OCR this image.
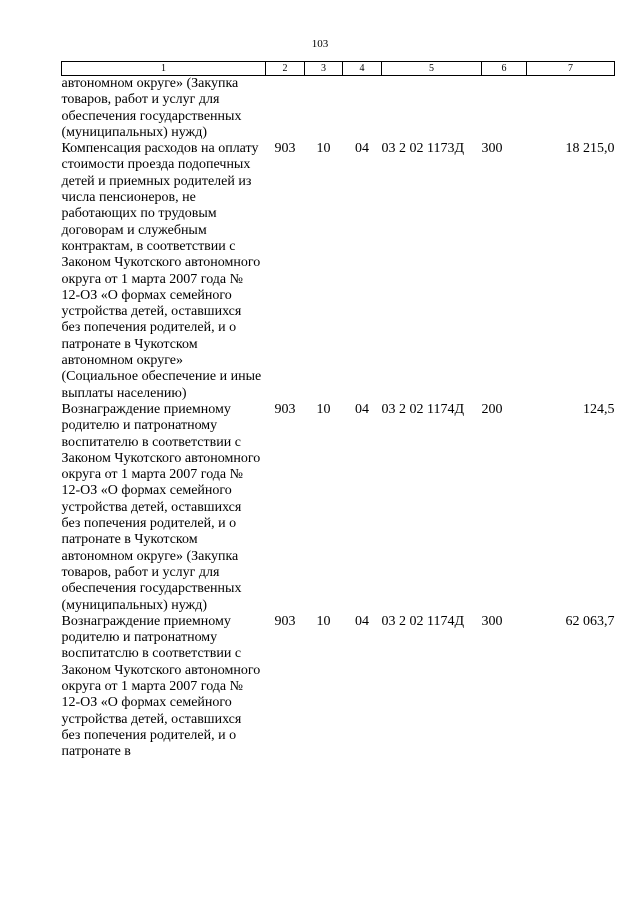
103
1	2	3	4	5	6	7
автономном округе» (Закупка товаров, работ и услуг для обеспечения государственных (муниципальных) нужд)						
Компенсация расходов на оплату стоимости проезда подопечных детей и приемных родителей из числа пенсионеров, не работающих по трудовым договорам и служебным контрактам, в соответствии с Законом Чукотского автономного округа от 1 марта 2007 года № 12-ОЗ «О формах семейного устройства детей, оставшихся без попечения родителей, и о патронате в Чукотском автономном округе» (Социальное обеспечение и иные выплаты населению)	903	10	04	03 2 02 1173Д	300	18 215,0
Вознаграждение приемному родителю и патронатному воспитателю в соответствии с Законом Чукотского автономного округа от 1 марта 2007 года № 12-ОЗ «О формах семейного устройства детей, оставшихся без попечения родителей, и о патронате в Чукотском автономном округе» (Закупка товаров, работ и услуг для обеспечения государственных (муниципальных) нужд)	903	10	04	03 2 02 1174Д	200	124,5
Вознаграждение приемному родителю и патронатному воспитатслю в соответствии с Законом Чукотского автономного округа от 1 марта 2007 года № 12-ОЗ «О формах семейного устройства детей, оставшихся без попечения родителей, и о патронате в	903	10	04	03 2 02 1174Д	300	62 063,7
